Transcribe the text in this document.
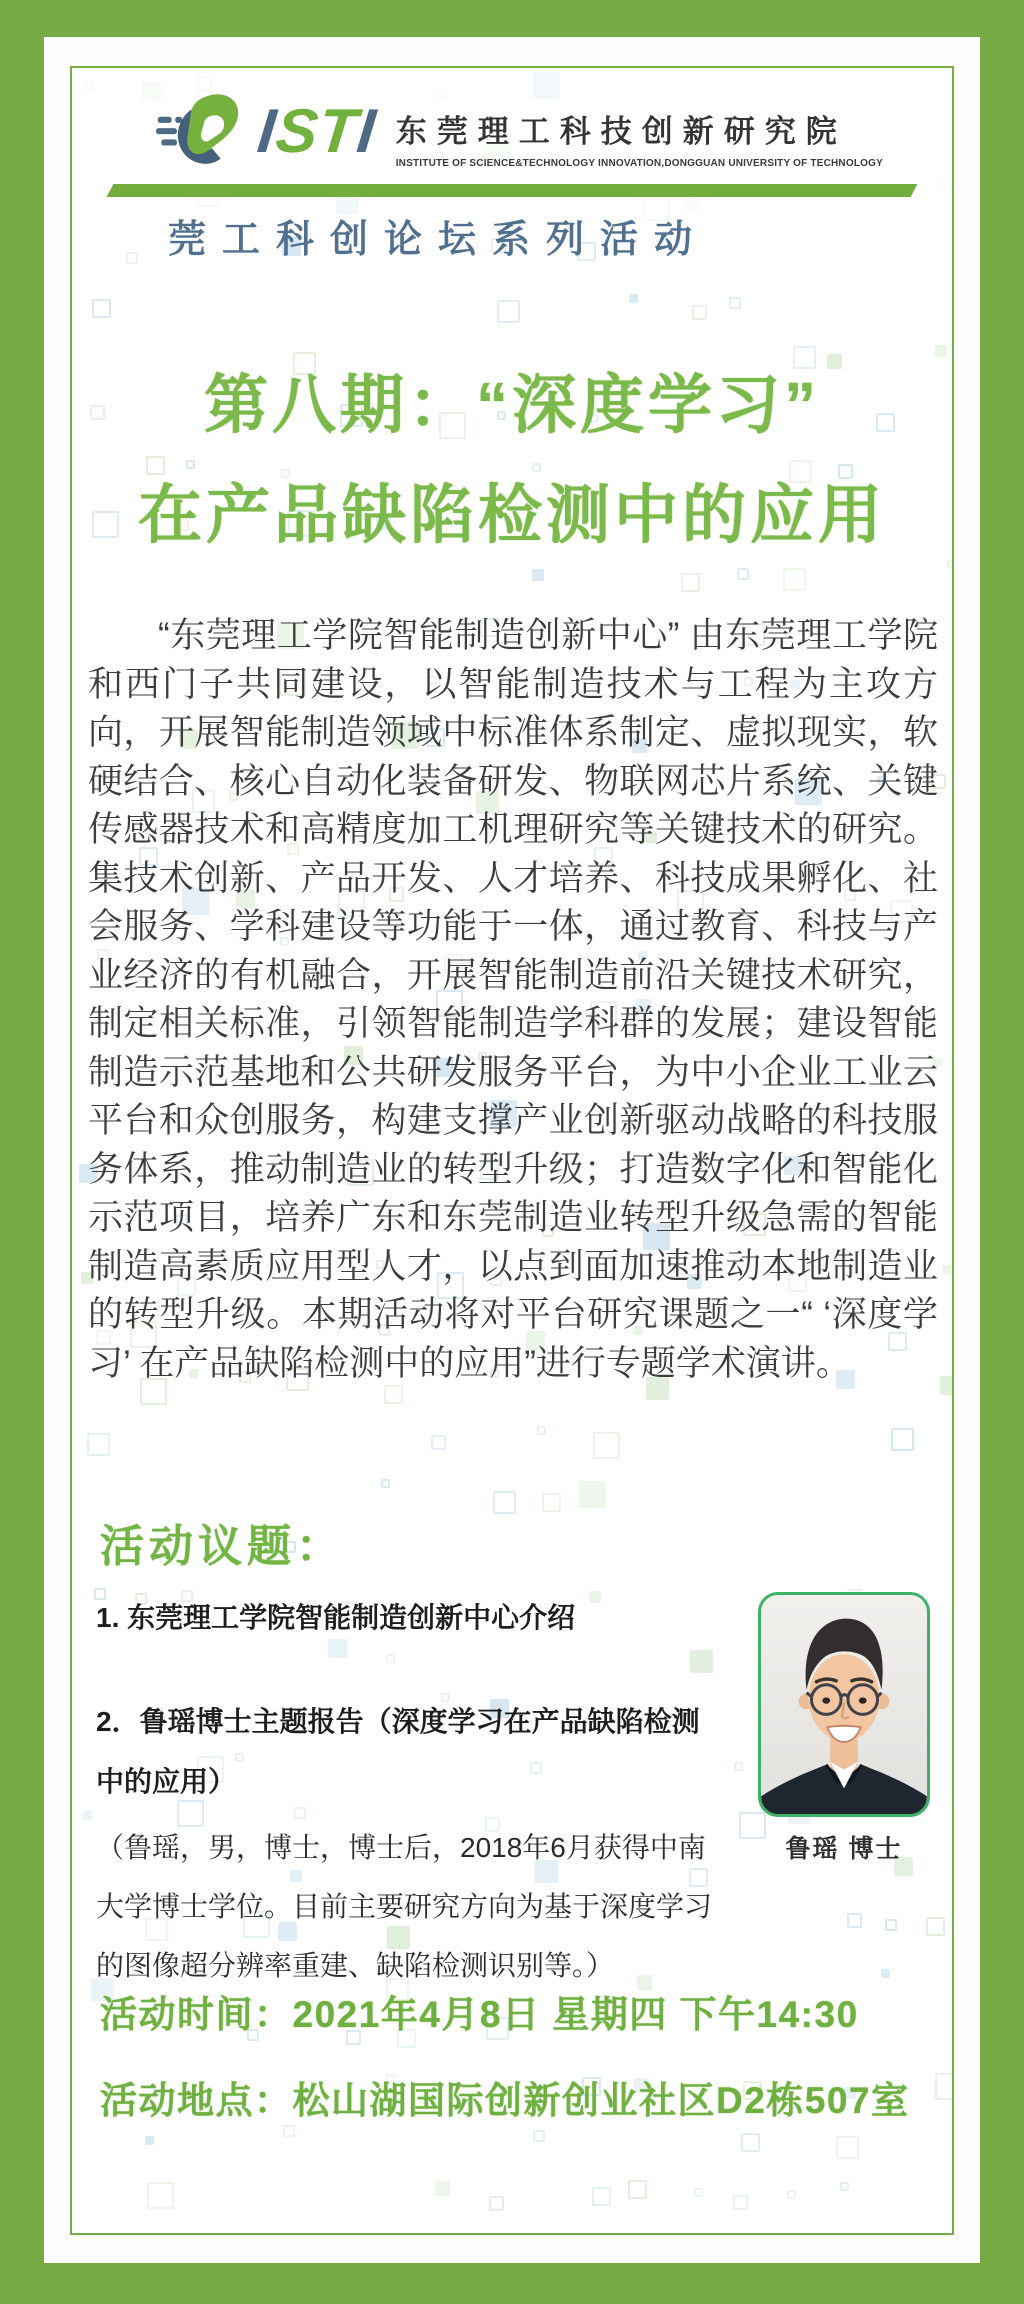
ISTI 东莞理工科技创新研究院
INSTITUTE OF SCIENCE&TECHNOLOGY INNOVATION,DONGGUAN UNIVERSITY OF TECHNOLOGY
莞工科创论坛系列活动
第八期：“深度学习”
在产品缺陷检测中的应用

“东莞理工学院智能制造创新中心” 由东莞理工学院和西门子共同建设，以智能制造技术与工程为主攻方向，开展智能制造领域中标准体系制定、虚拟现实，软硬结合、核心自动化装备研发、物联网芯片系统、关键传感器技术和高精度加工机理研究等关键技术的研究。集技术创新、产品开发、人才培养、科技成果孵化、社会服务、学科建设等功能于一体，通过教育、科技与产业经济的有机融合，开展智能制造前沿关键技术研究，制定相关标准，引领智能制造学科群的发展；建设智能制造示范基地和公共研发服务平台，为中小企业工业云平台和众创服务，构建支撑产业创新驱动战略的科技服务体系，推动制造业的转型升级；打造数字化和智能化示范项目，培养广东和东莞制造业转型升级急需的智能制造高素质应用型人才，以点到面加速推动本地制造业的转型升级。本期活动将对平台研究课题之一“ ‘深度学习’ 在产品缺陷检测中的应用”进行专题学术演讲。

活动议题：

1. 东莞理工学院智能制造创新中心介绍

2．鲁瑶博士主题报告（深度学习在产品缺陷检测中的应用）

（鲁瑶，男，博士，博士后，2018年6月获得中南大学博士学位。目前主要研究方向为基于深度学习的图像超分辨率重建、缺陷检测识别等。）

鲁瑶 博士

活动时间：2021年4月8日 星期四 下午14:30

活动地点：松山湖国际创新创业社区D2栋507室
